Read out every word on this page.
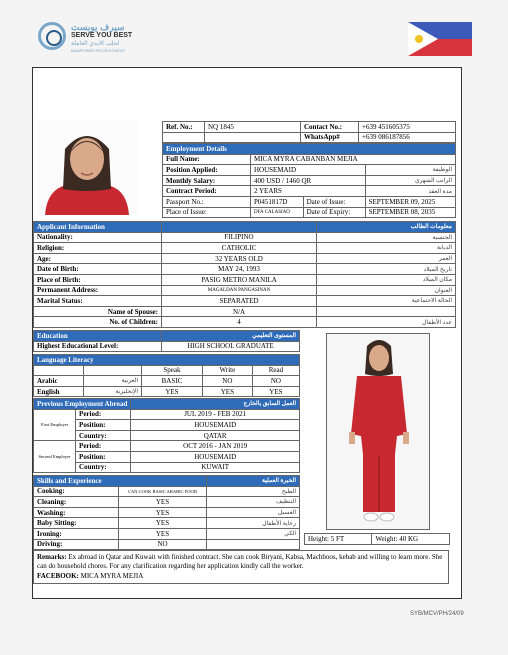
سيرف يوبست
SERVE YOU BEST
لجلب الايدي العاملة
MANPOWER RECRUITMENT
Ref. No.:	NQ 1845	Contact No.:	+639 451605375
		WhatsApp#	+639 086187856
Employment Details			
Full Name:	MICA MYRA CABANBAN MEJIA		
Position Applied:	HOUSEMAID		الوظيفة
Monthly Salary:	400 USD / 1460 QR		الراتب الشهري
Contract Period:	2 YEARS		مدة العقد
Passport No.:	P0451817D	Date of Issue:	SEPTEMBER 09, 2025
Place of Issue:	DFA CALASIAO	Date of Expiry:	SEPTEMBER 08, 2035
Applicant Information		معلومات الطالب
Nationality:	FILIPINO	الجنسية
Religion:	CATHOLIC	الديانة
Age:	32 YEARS OLD	العمر
Date of Birth:	MAY 24, 1993	تاريخ الميلاد
Place of Birth:	PASIG METRO MANILA	مكان الميلاد
Permanent Address:	MAGALDAN PANGASINAN	العنوان
Marital Status:	SEPARATED	الحالة الاجتماعية
Name of Spouse:	N/A	
No. of Children:	4	عدد الأطفال
Education	المستوى التعليمي
Highest Educational Level:	HIGH SCHOOL GRADUATE
Language Literacy				
		Speak	Write	Read
Arabic	العربية	BASIC	NO	NO
English	الإنجليزية	YES	YES	YES
Previous Employment Abroad		العمل السابق بالخارج
First Employer	Period:	JUL 2019 - FEB 2021
	Position:	HOUSEMAID
	Country:	QATAR
Second Employer	Period:	OCT 2016 - JAN 2019
	Position:	HOUSEMAID
	Country:	KUWAIT
Skills and Experience		الخبرة العملية
Cooking:	CAN COOK BASIC ARABIC FOOD	الطبخ
Cleaning:	YES	التنظيف
Washing:	YES	الغسيل
Baby Sitting:	YES	رعاية الأطفال
Ironing:	YES	الكي
Driving:	NO	
Height: 5 FT	Weight: 40 KG
Remarks: Ex abroad in Qatar and Kuwait with finished contract. She can cook Biryani, Kabsa, Machboos, kebab and willing to learn more. She can do household chores. For any clarification regarding her application kindly call the worker.
FACEBOOK: MICA MYRA MEJIA
SYB/MCV/PH/24/09
